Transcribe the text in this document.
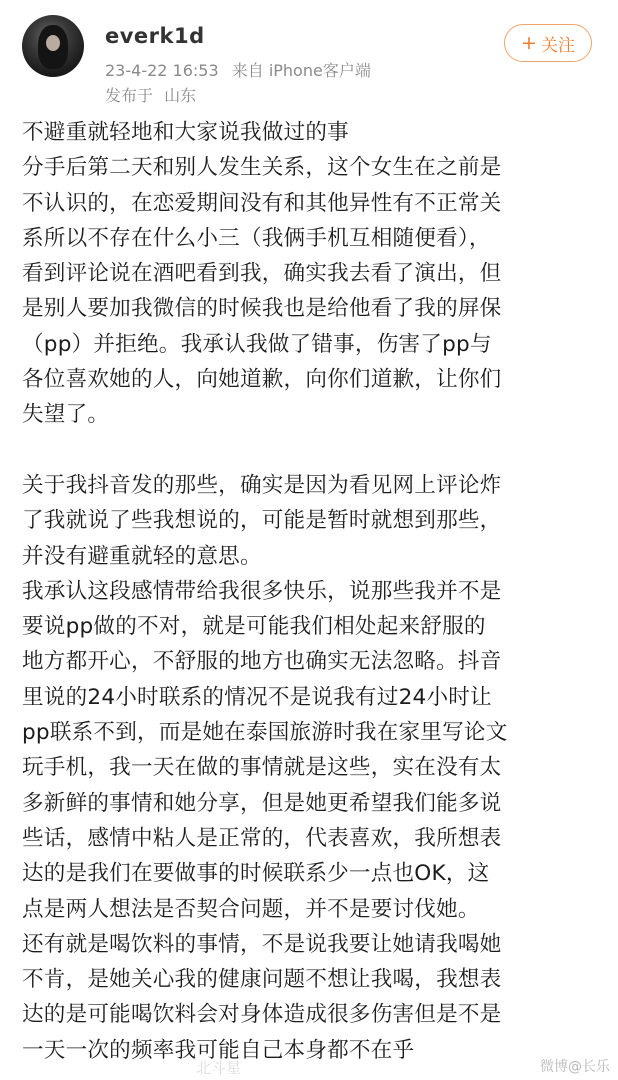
everk1d
23-4-22 16:53 来自 iPhone客户端
发布于 山东
+ 关注
不避重就轻地和大家说我做过的事
分手后第二天和别人发生关系，这个女生在之前是
不认识的，在恋爱期间没有和其他异性有不正常关
系所以不存在什么小三（我俩手机互相随便看），
看到评论说在酒吧看到我，确实我去看了演出，但
是别人要加我微信的时候我也是给他看了我的屏保
（pp）并拒绝。我承认我做了错事，伤害了pp与
各位喜欢她的人，向她道歉，向你们道歉，让你们
失望了。
关于我抖音发的那些，确实是因为看见网上评论炸
了我就说了些我想说的，可能是暂时就想到那些，
并没有避重就轻的意思。
我承认这段感情带给我很多快乐，说那些我并不是
要说pp做的不对，就是可能我们相处起来舒服的
地方都开心，不舒服的地方也确实无法忽略。抖音
里说的24小时联系的情况不是说我有过24小时让
pp联系不到，而是她在泰国旅游时我在家里写论文
玩手机，我一天在做的事情就是这些，实在没有太
多新鲜的事情和她分享，但是她更希望我们能多说
些话，感情中粘人是正常的，代表喜欢，我所想表
达的是我们在要做事的时候联系少一点也OK，这
点是两人想法是否契合问题，并不是要讨伐她。
还有就是喝饮料的事情，不是说我要让她请我喝她
不肯，是她关心我的健康问题不想让我喝，我想表
达的是可能喝饮料会对身体造成很多伤害但是不是
一天一次的频率我可能自己本身都不在乎
北斗星	微博@长乐
